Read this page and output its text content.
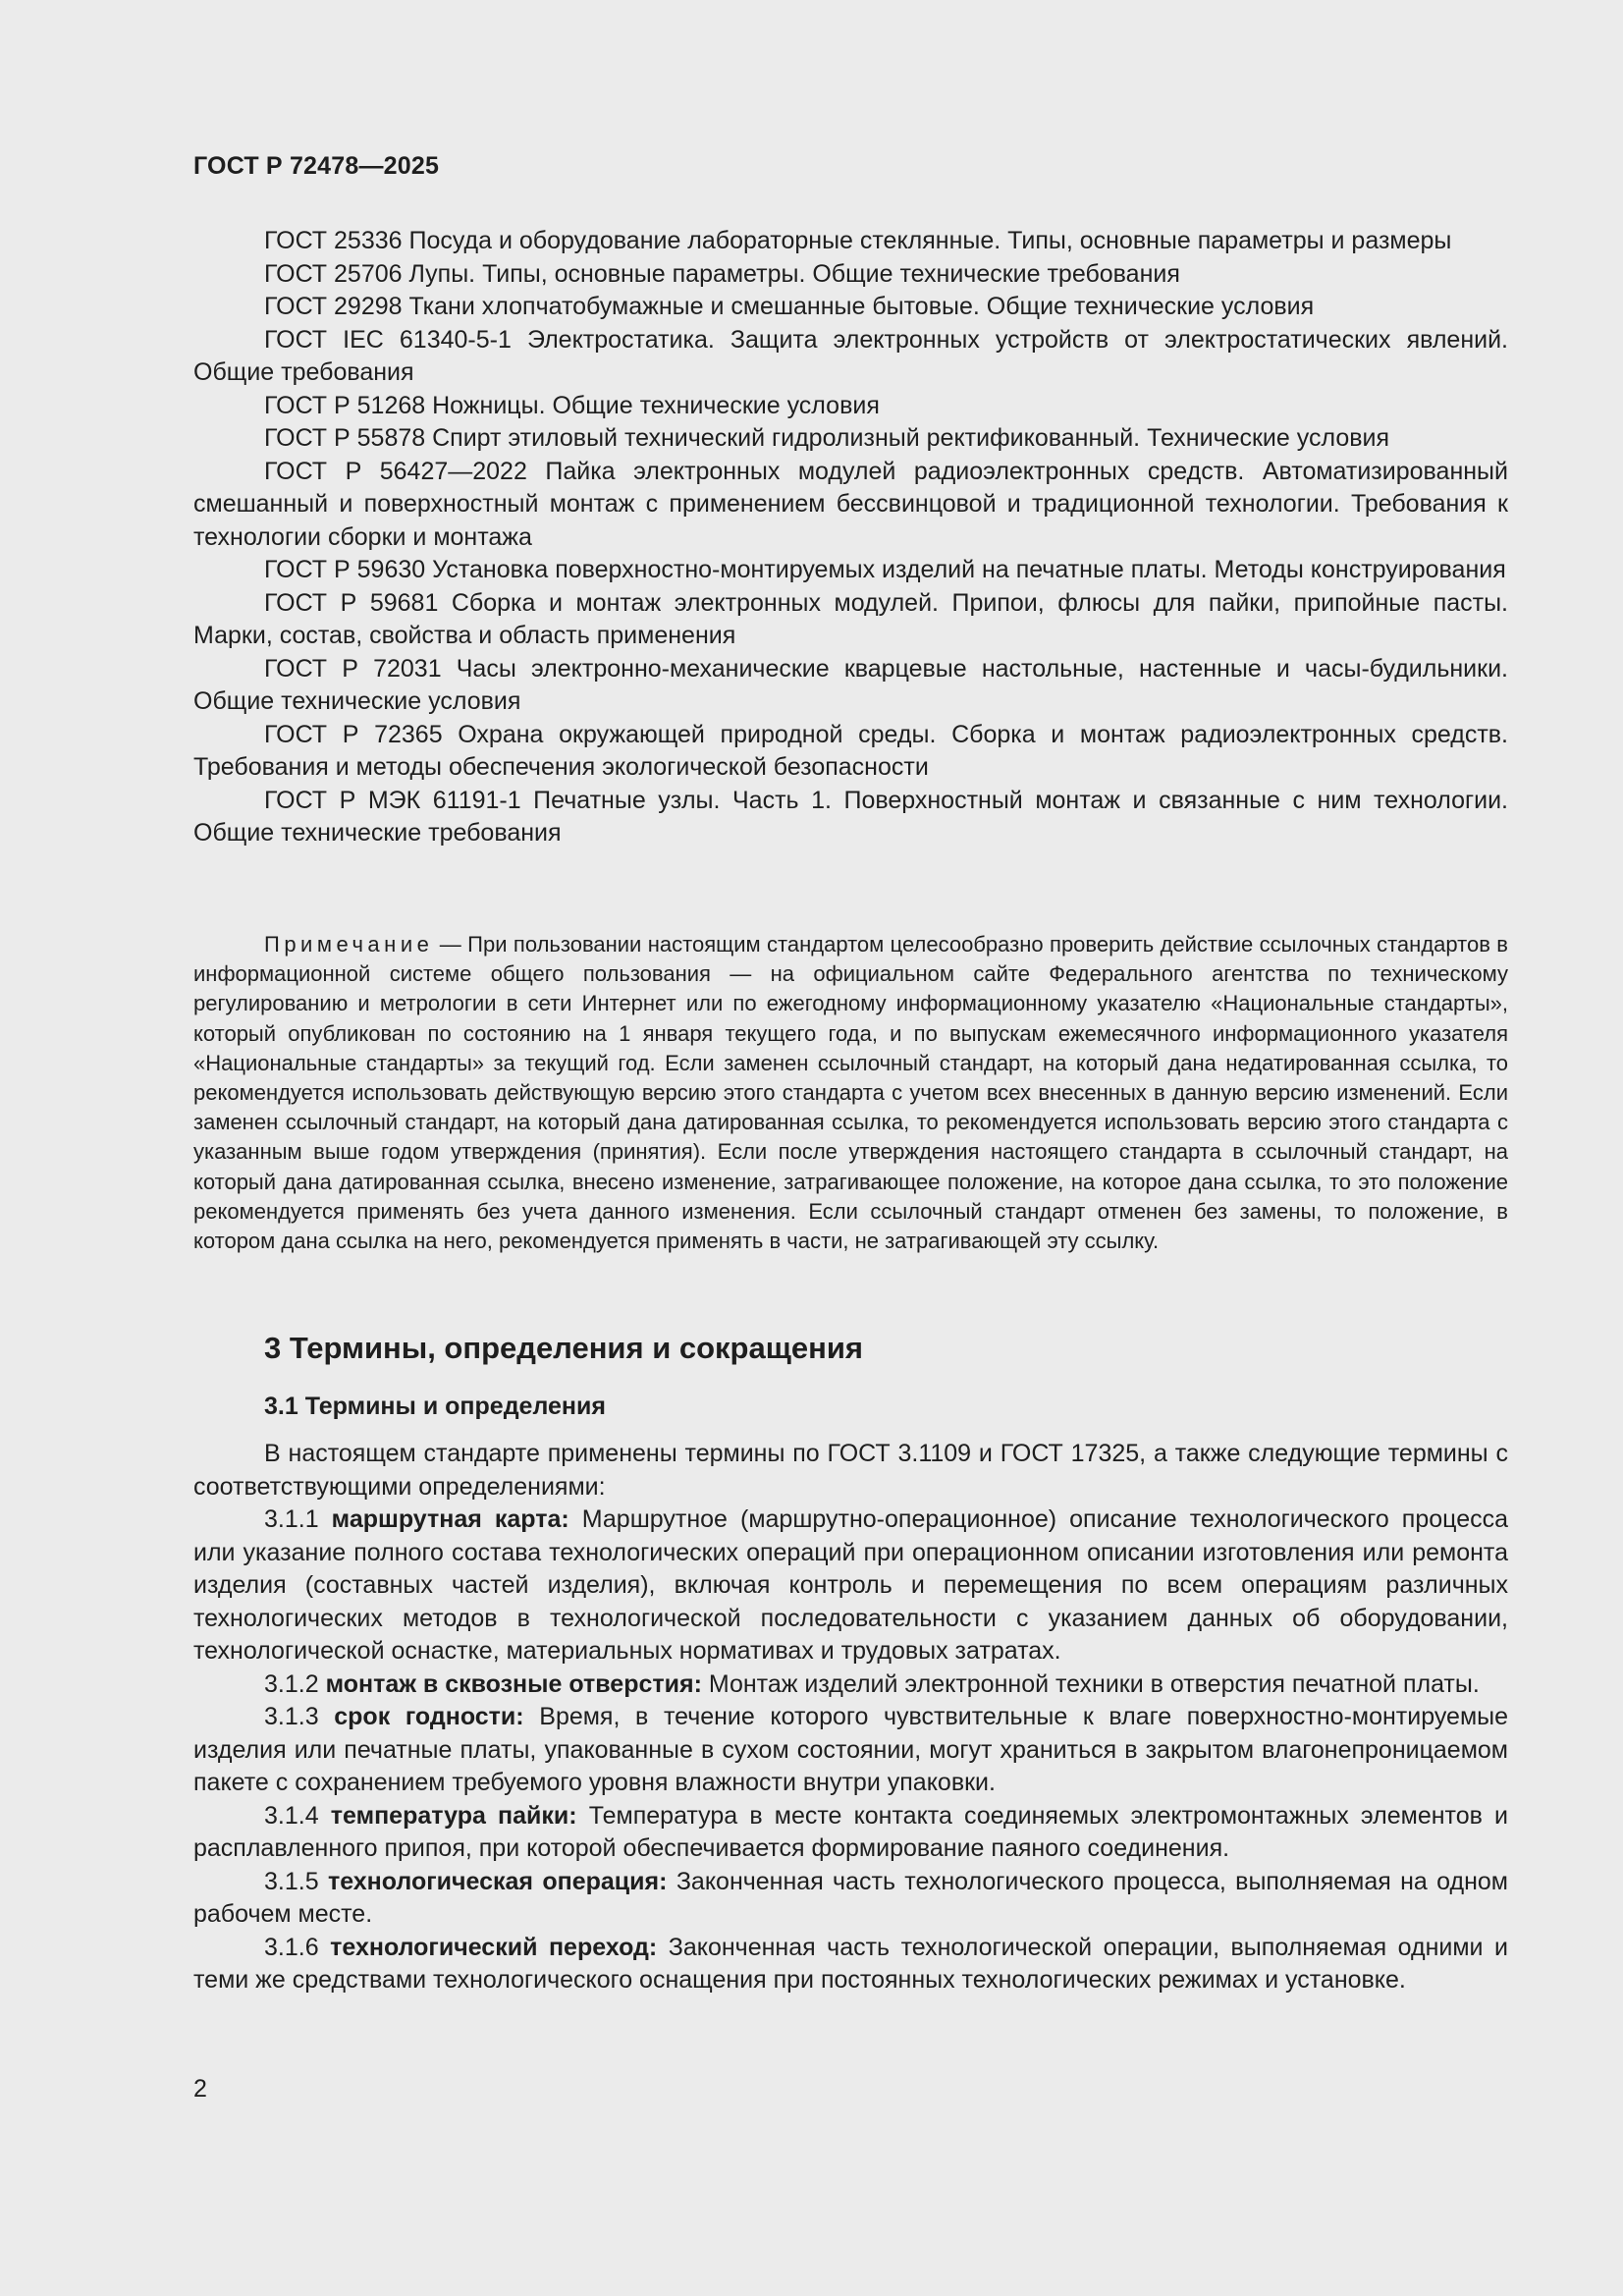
ГОСТ Р 72478—2025

ГОСТ 25336 Посуда и оборудование лабораторные стеклянные. Типы, основные параметры и размеры

ГОСТ 25706 Лупы. Типы, основные параметры. Общие технические требования

ГОСТ 29298 Ткани хлопчатобумажные и смешанные бытовые. Общие технические условия

ГОСТ IEC 61340-5-1 Электростатика. Защита электронных устройств от электростатических явлений. Общие требования

ГОСТ Р 51268 Ножницы. Общие технические условия

ГОСТ Р 55878 Спирт этиловый технический гидролизный ректификованный. Технические условия

ГОСТ Р 56427—2022 Пайка электронных модулей радиоэлектронных средств. Автоматизированный смешанный и поверхностный монтаж с применением бессвинцовой и традиционной технологии. Требования к технологии сборки и монтажа

ГОСТ Р 59630 Установка поверхностно-монтируемых изделий на печатные платы. Методы конструирования

ГОСТ Р 59681 Сборка и монтаж электронных модулей. Припои, флюсы для пайки, припойные пасты. Марки, состав, свойства и область применения

ГОСТ Р 72031 Часы электронно-механические кварцевые настольные, настенные и часы-будильники. Общие технические условия

ГОСТ Р 72365 Охрана окружающей природной среды. Сборка и монтаж радиоэлектронных средств. Требования и методы обеспечения экологической безопасности

ГОСТ Р МЭК 61191-1 Печатные узлы. Часть 1. Поверхностный монтаж и связанные с ним технологии. Общие технические требования

Примечание — При пользовании настоящим стандартом целесообразно проверить действие ссылочных стандартов в информационной системе общего пользования — на официальном сайте Федерального агентства по техническому регулированию и метрологии в сети Интернет или по ежегодному информационному указателю «Национальные стандарты», который опубликован по состоянию на 1 января текущего года, и по выпускам ежемесячного информационного указателя «Национальные стандарты» за текущий год. Если заменен ссылочный стандарт, на который дана недатированная ссылка, то рекомендуется использовать действующую версию этого стандарта с учетом всех внесенных в данную версию изменений. Если заменен ссылочный стандарт, на который дана датированная ссылка, то рекомендуется использовать версию этого стандарта с указанным выше годом утверждения (принятия). Если после утверждения настоящего стандарта в ссылочный стандарт, на который дана датированная ссылка, внесено изменение, затрагивающее положение, на которое дана ссылка, то это положение рекомендуется применять без учета данного изменения. Если ссылочный стандарт отменен без замены, то положение, в котором дана ссылка на него, рекомендуется применять в части, не затрагивающей эту ссылку.

3 Термины, определения и сокращения
3.1 Термины и определения

В настоящем стандарте применены термины по ГОСТ 3.1109 и ГОСТ 17325, а также следующие термины с соответствующими определениями:

3.1.1 маршрутная карта: Маршрутное (маршрутно-операционное) описание технологического процесса или указание полного состава технологических операций при операционном описании изготовления или ремонта изделия (составных частей изделия), включая контроль и перемещения по всем операциям различных технологических методов в технологической последовательности с указанием данных об оборудовании, технологической оснастке, материальных нормативах и трудовых затратах.

3.1.2 монтаж в сквозные отверстия: Монтаж изделий электронной техники в отверстия печатной платы.

3.1.3 срок годности: Время, в течение которого чувствительные к влаге поверхностно-монтируемые изделия или печатные платы, упакованные в сухом состоянии, могут храниться в закрытом влагонепроницаемом пакете с сохранением требуемого уровня влажности внутри упаковки.

3.1.4 температура пайки: Температура в месте контакта соединяемых электромонтажных элементов и расплавленного припоя, при которой обеспечивается формирование паяного соединения.

3.1.5 технологическая операция: Законченная часть технологического процесса, выполняемая на одном рабочем месте.

3.1.6 технологический переход: Законченная часть технологической операции, выполняемая одними и теми же средствами технологического оснащения при постоянных технологических режимах и установке.

2
